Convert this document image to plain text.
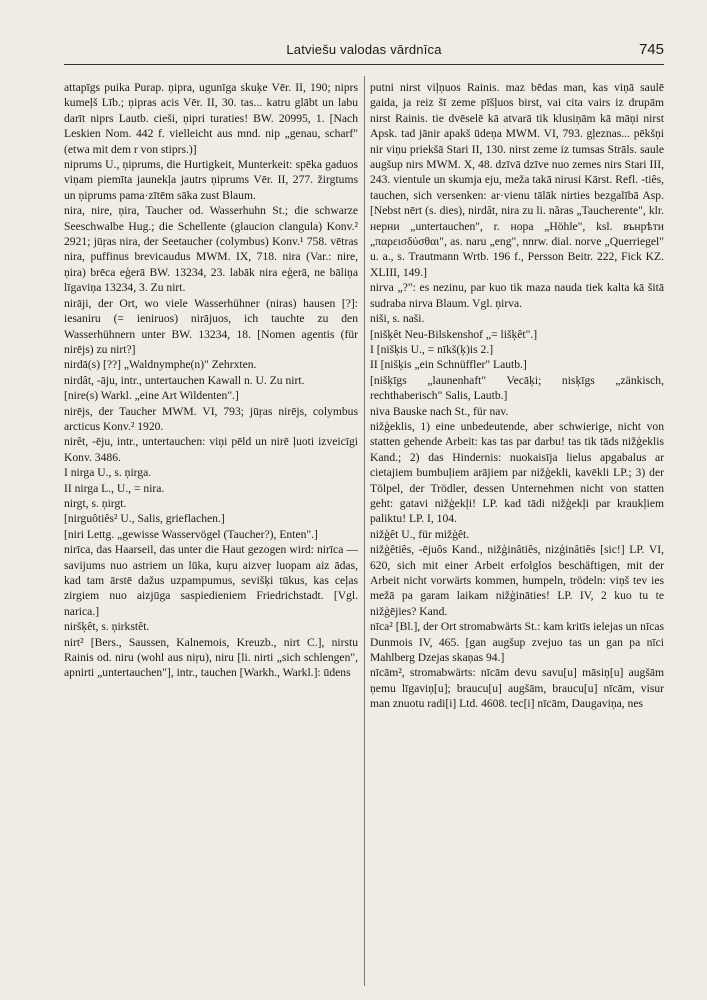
Latviešu valodas vārdnīca	745

attapīgs puika Purap. ņipra, ugunīga skuķe Vēr. II, 190; niprs kumeļš Līb.; ņipras acis Vēr. II, 30. tas... katru glābt un labu darīt niprs Lautb. cieši, ņipri turaties! BW. 20995, 1. [Nach Leskien Nom. 442 f. vielleicht aus mnd. nip „genau, scharf" (etwa mit dem r von stiprs.)]

niprums U., ņiprums, die Hurtigkeit, Munterkeit: spēka gaduos viņam piemīta jaunekļa jautrs ņiprums Vēr. II, 277. žirgtums un ņiprums pama·zītēm sāka zust Blaum.

nira, nire, ņira, Taucher od. Wasserhuhn St.; die schwarze Seeschwalbe Hug.; die Schellente (glaucion clangula) Konv.² 2921; jūŗas nira, der Seetaucher (colymbus) Konv.¹ 758. vētras nira, puffinus brevicaudus MWM. IX, 718. nira (Var.: nire, ņira) brēca eģerā BW. 13234, 23. labāk nira eģerā, ne bāliņa līgaviņa 13234, 3. Zu nirt.

nirāji, der Ort, wo viele Wasserhühner (niras) hausen [?]: iesaniru (= ieniruos) nirājuos, ich tauchte zu den Wasserhühnern unter BW. 13234, 18. [Nomen agentis (für nirējs) zu nirt?]

nirdā(s) [??] „Waldnymphe(n)" Zehrxten.

nirdât, -āju, intr., untertauchen Kawall n. U. Zu nirt.

[nire(s) Warkl. „eine Art Wildenten".]

nirējs, der Taucher MWM. VI, 793; jūŗas nirējs, colymbus arcticus Konv.² 1920.

nirêt, -ēju, intr., untertauchen: viņi pēld un nirē ļuoti izveicīgi Konv. 3486.

I nirga U., s. ņirga.

II nirga L., U., = nira.

nirgt, s. ņirgt.

[nirguôtiês² U., Salis, grieflachen.]

[niri Lettg. „gewisse Wasservögel (Taucher?), Enten".]

nirīca, das Haarseil, das unter die Haut gezogen wird: nirīca — savijums nuo astriem un lūka, kuŗu aizveŗ luopam aiz ādas, kad tam ārstē dažus uzpampumus, sevišķi tūkus, kas ceļas zirgiem nuo aizjūga saspiedieniem Friedrichstadt. [Vgl. narica.]

niršķêt, s. ņirkstêt.

nirt² [Bers., Saussen, Kalnemois, Kreuzb., nirt C.], nirstu Rainis od. niru (wohl aus niŗu), niru [li. nirti „sich schlengen", apnirti „untertauchen"], intr., tauchen [Warkh., Warkl.]: ūdens

putni nirst viļņuos Rainis. maz bēdas man, kas viņā saulē gaida, ja reiz šī zeme pīšļuos birst, vai cita vairs iz drupām nirst Rainis. tie dvēselē kā atvarā tik klusiņām kā māņi nirst Apsk. tad jānir apakš ūdeņa MWM. VI, 793. gļeznas... pēkšņi nir viņu priekšā Stari II, 130. nirst zeme iz tumsas Strāls. saule augšup nirs MWM. X, 48. dzīvā dzīve nuo zemes nirs Stari III, 243. vientule un skumja eju, meža takā nirusi Kārst. Refl. -tiês, tauchen, sich versenken: ar·vienu tālāk nirties bezgalībā Asp. [Nebst nērt (s. dies), nirdât, nira zu li. nãras „Taucherente", klr. нерни „untertauchen", r. нора „Höhle", ksl. вънрѣти „παρεισδύσθαι", as. naru „eng", nnrw. dial. norve „Querriegel" u. a., s. Trautmann Wrtb. 196 f., Persson Beitr. 222, Fick KZ. XLIII, 149.]

nirva „?": es nezinu, par kuo tik maza nauda tiek kalta kā šitā sudraba nirva Blaum. Vgl. ņirva.

niši, s. naši.

[nišķêt Neu-Bilskenshof „= lišķêt".]

I [nišķis U., = nīkš(ķ)is 2.]

II [nišķis „ein Schnüffler" Lautb.]

[nišķīgs „launenhaft" Vecāķi; nisķīgs „zänkisch, rechthaberisch" Salis, Lautb.]

niva Bauske nach St., für nav.

nižģeklis, 1) eine unbedeutende, aber schwierige, nicht von statten gehende Arbeit: kas tas par darbu! tas tik tāds nižģeklis Kand.; 2) das Hindernis: nuokaisīja lielus apgabalus ar cietajiem bumbuļiem arājiem par nižģekli, kavēkli LP.; 3) der Tölpel, der Trödler, dessen Unternehmen nicht von statten geht: gatavi nižģekļi! LP. kad tādi nižģekļi par kraukļiem paliktu! LP. I, 104.

nižģêt U., für mižģêt.

nižģêtiês, -ējuôs Kand., nižģinâtiês, nizģinâtiês [sic!] LP. VI, 620, sich mit einer Arbeit erfolglos beschäftigen, mit der Arbeit nicht vorwärts kommen, humpeln, trödeln: viņš tev ies mežā pa garam laikam nižģināties! LP. IV, 2 kuo tu te nižģējies? Kand.

nīca² [Bl.], der Ort stromabwärts St.: kam kritīs ielejas un nīcas Dunmois IV, 465. [gan augšup zvejuo tas un gan pa nīci Mahlberg Dzejas skaņas 94.]

nīcām², stromabwärts: nīcām devu savu[u] māsiņ[u] augšām ņemu līgaviņ[u]; braucu[u] augšām, braucu[u] nīcām, visur man znuotu radi[i] Ltd. 4608. tec[i] nīcām, Daugaviņa, nes
